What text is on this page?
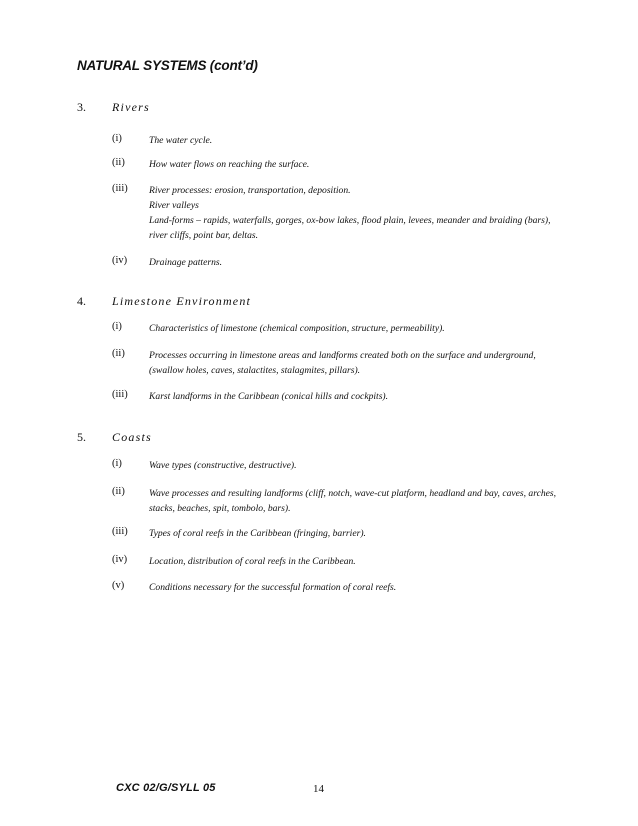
NATURAL SYSTEMS (cont’d)
3. Rivers
(i)	The water cycle.
(ii)	How water flows on reaching the surface.
(iii) River processes: erosion, transportation, deposition.
River valleys
Land-forms – rapids, waterfalls, gorges, ox-bow lakes, flood plain, levees, meander and braiding (bars),
river cliffs, point bar, deltas.
(iv) Drainage patterns.
4. Limestone Environment
(i)	Characteristics of limestone (chemical composition, structure, permeability).
(ii)	Processes occurring in limestone areas and landforms created both on the surface and underground,
(swallow holes, caves, stalactites, stalagmites, pillars).
(iii) Karst landforms in the Caribbean (conical hills and cockpits).
5. Coasts
(i)	Wave types (constructive, destructive).
(ii)	Wave processes and resulting landforms (cliff, notch, wave-cut platform, headland and bay, caves, arches,
stacks, beaches, spit, tombolo, bars).
(iii) Types of coral reefs in the Caribbean (fringing, barrier).
(iv) Location, distribution of coral reefs in the Caribbean.
(v)	Conditions necessary for the successful formation of coral reefs.
CXC 02/G/SYLL 05	14
